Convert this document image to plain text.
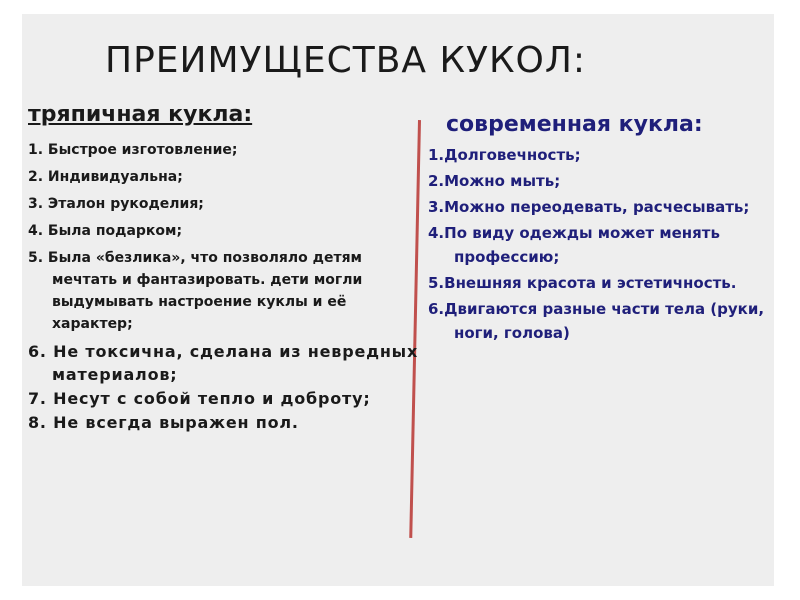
ПРЕИМУЩЕСТВА КУКОЛ:
тряпичная кукла:
1. Быстрое изготовление;
2. Индивидуальна;
3. Эталон рукоделия;
4. Была подарком;
5. Была «безлика», что позволяло детям мечтать и фантазировать. дети могли выдумывать настроение куклы и её характер;
6. Не токсична, сделана из невредных материалов;
7. Несут с собой тепло и доброту;
8. Не всегда выражен пол.
современная кукла:
1.Долговечность;
2.Можно мыть;
3.Можно переодевать, расчесывать;
4.По виду одежды может менять профессию;
5.Внешняя красота и эстетичность.
6.Двигаются разные части тела (руки, ноги, голова)
